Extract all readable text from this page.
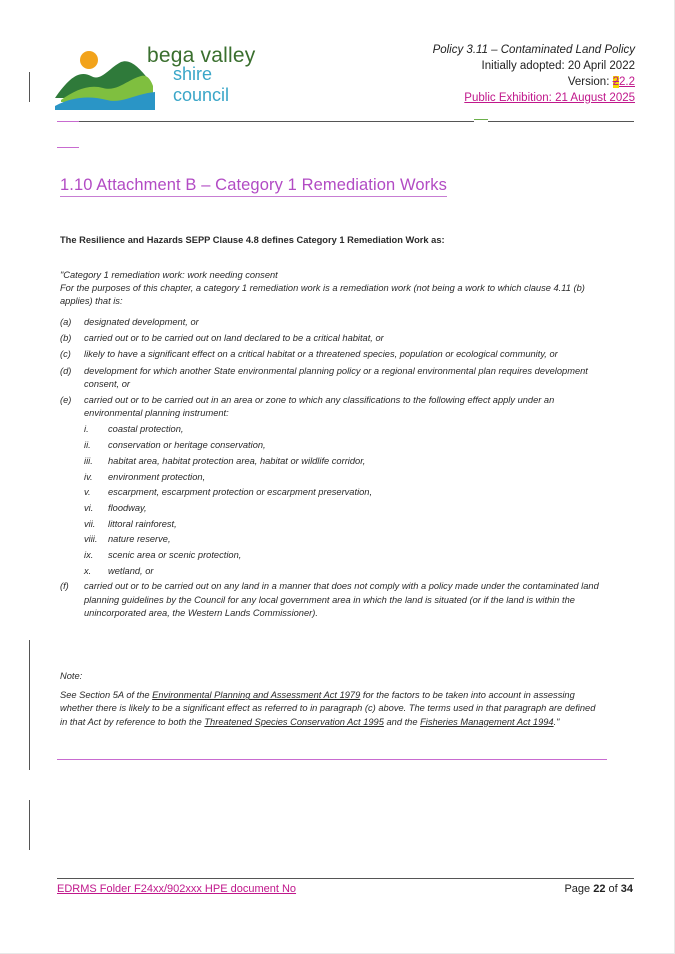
bega valley
shire council
Policy 3.11 – Contaminated Land Policy
Initially adopted: 20 April 2022
Version: 22.2
Public Exhibition: 21 August 2025
1.10 Attachment B – Category 1 Remediation Works
The Resilience and Hazards SEPP Clause 4.8 defines Category 1 Remediation Work as:
"Category 1 remediation work: work needing consent
For the purposes of this chapter, a category 1 remediation work is a remediation work (not being a work to which clause 4.11 (b) applies) that is:
(a) designated development, or
(b) carried out or to be carried out on land declared to be a critical habitat, or
(c) likely to have a significant effect on a critical habitat or a threatened species, population or ecological community, or
(d) development for which another State environmental planning policy or a regional environmental plan requires development consent, or
(e) carried out or to be carried out in an area or zone to which any classifications to the following effect apply under an environmental planning instrument:
i. coastal protection,
ii. conservation or heritage conservation,
iii. habitat area, habitat protection area, habitat or wildlife corridor,
iv. environment protection,
v. escarpment, escarpment protection or escarpment preservation,
vi. floodway,
vii. littoral rainforest,
viii. nature reserve,
ix. scenic area or scenic protection,
x. wetland, or
(f) carried out or to be carried out on any land in a manner that does not comply with a policy made under the contaminated land planning guidelines by the Council for any local government area in which the land is situated (or if the land is within the unincorporated area, the Western Lands Commissioner).
Note:
See Section 5A of the Environmental Planning and Assessment Act 1979 for the factors to be taken into account in assessing whether there is likely to be a significant effect as referred to in paragraph (c) above. The terms used in that paragraph are defined in that Act by reference to both the Threatened Species Conservation Act 1995 and the Fisheries Management Act 1994."
EDRMS Folder F24xx/902xxx HPE document No	Page 22 of 34
